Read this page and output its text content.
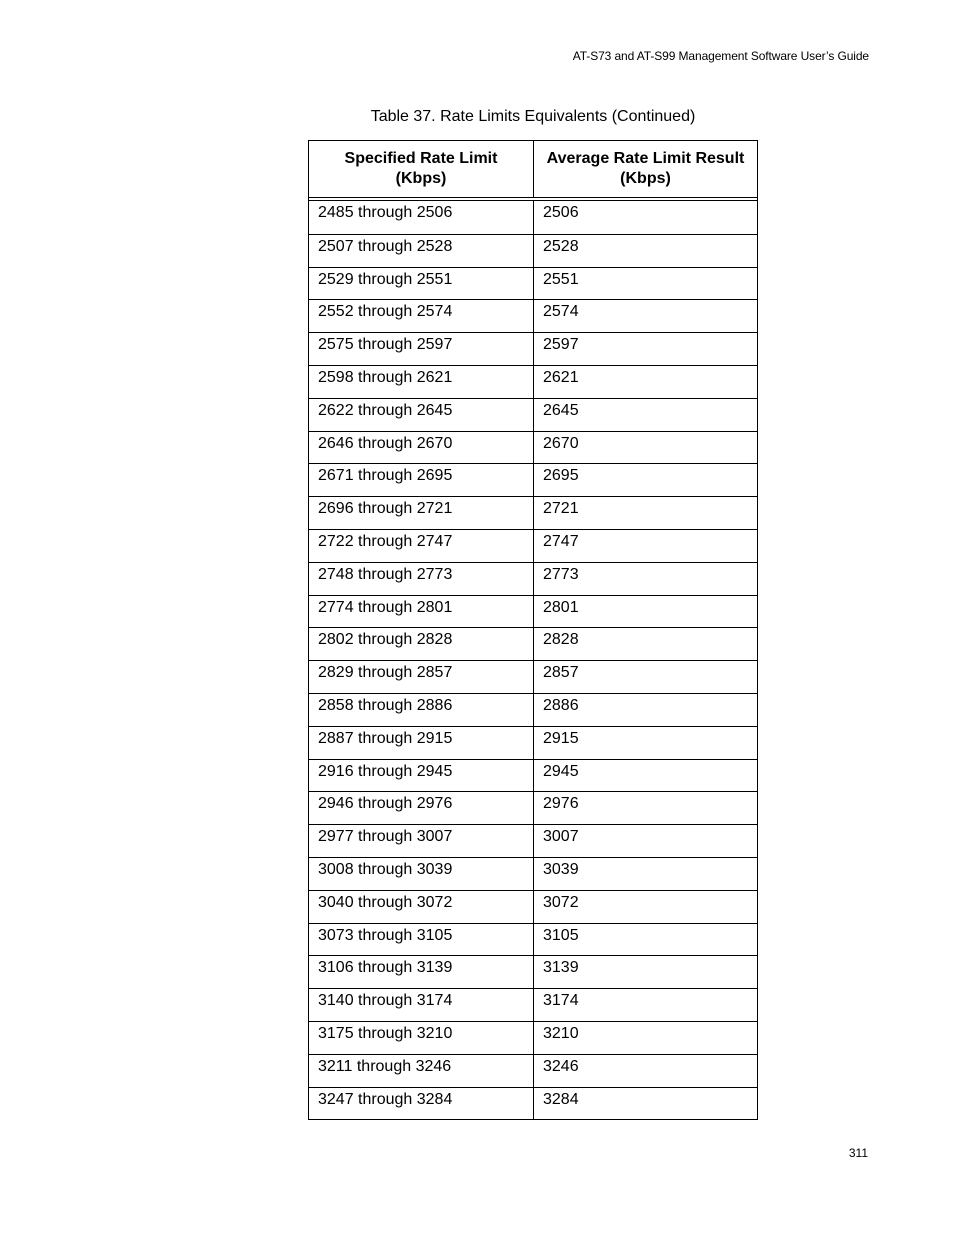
AT-S73 and AT-S99 Management Software User’s Guide
Table 37. Rate Limits Equivalents (Continued)
Specified Rate Limit (Kbps)
Average Rate Limit Result (Kbps)
2485 through 2506	2506
2507 through 2528	2528
2529 through 2551	2551
2552 through 2574	2574
2575 through 2597	2597
2598 through 2621	2621
2622 through 2645	2645
2646 through 2670	2670
2671 through 2695	2695
2696 through 2721	2721
2722 through 2747	2747
2748 through 2773	2773
2774 through 2801	2801
2802 through 2828	2828
2829 through 2857	2857
2858 through 2886	2886
2887 through 2915	2915
2916 through 2945	2945
2946 through 2976	2976
2977 through 3007	3007
3008 through 3039	3039
3040 through 3072	3072
3073 through 3105	3105
3106 through 3139	3139
3140 through 3174	3174
3175 through 3210	3210
3211 through 3246	3246
3247 through 3284	3284
311
